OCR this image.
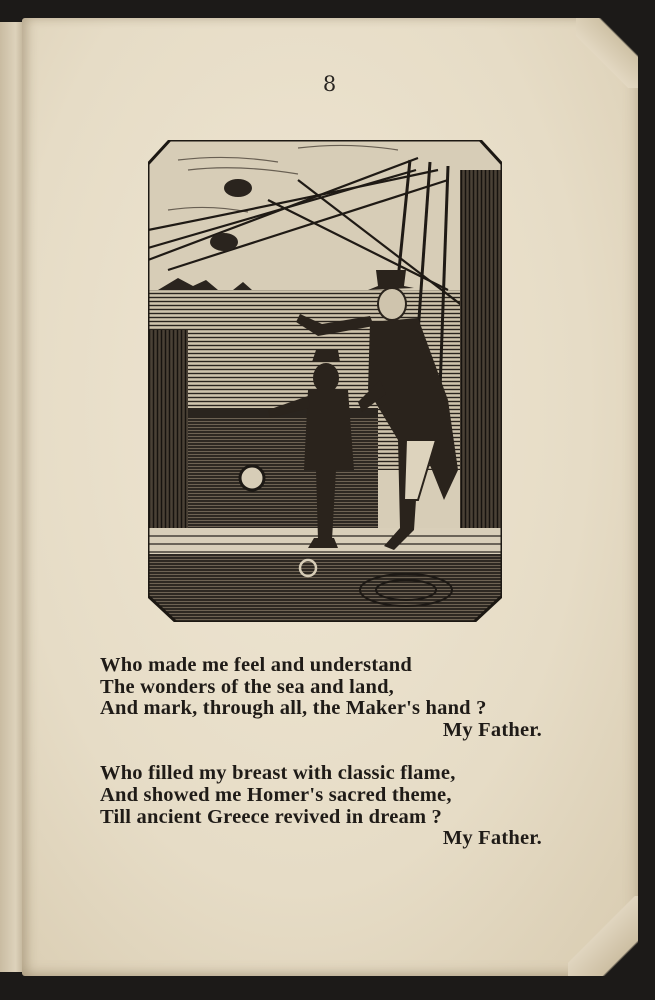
8
Who made me feel and understand
The wonders of the sea and land,
And mark, through all, the Maker's hand ?
My Father.
Who filled my breast with classic flame,
And showed me Homer's sacred theme,
Till ancient Greece revived in dream ?
My Father.
